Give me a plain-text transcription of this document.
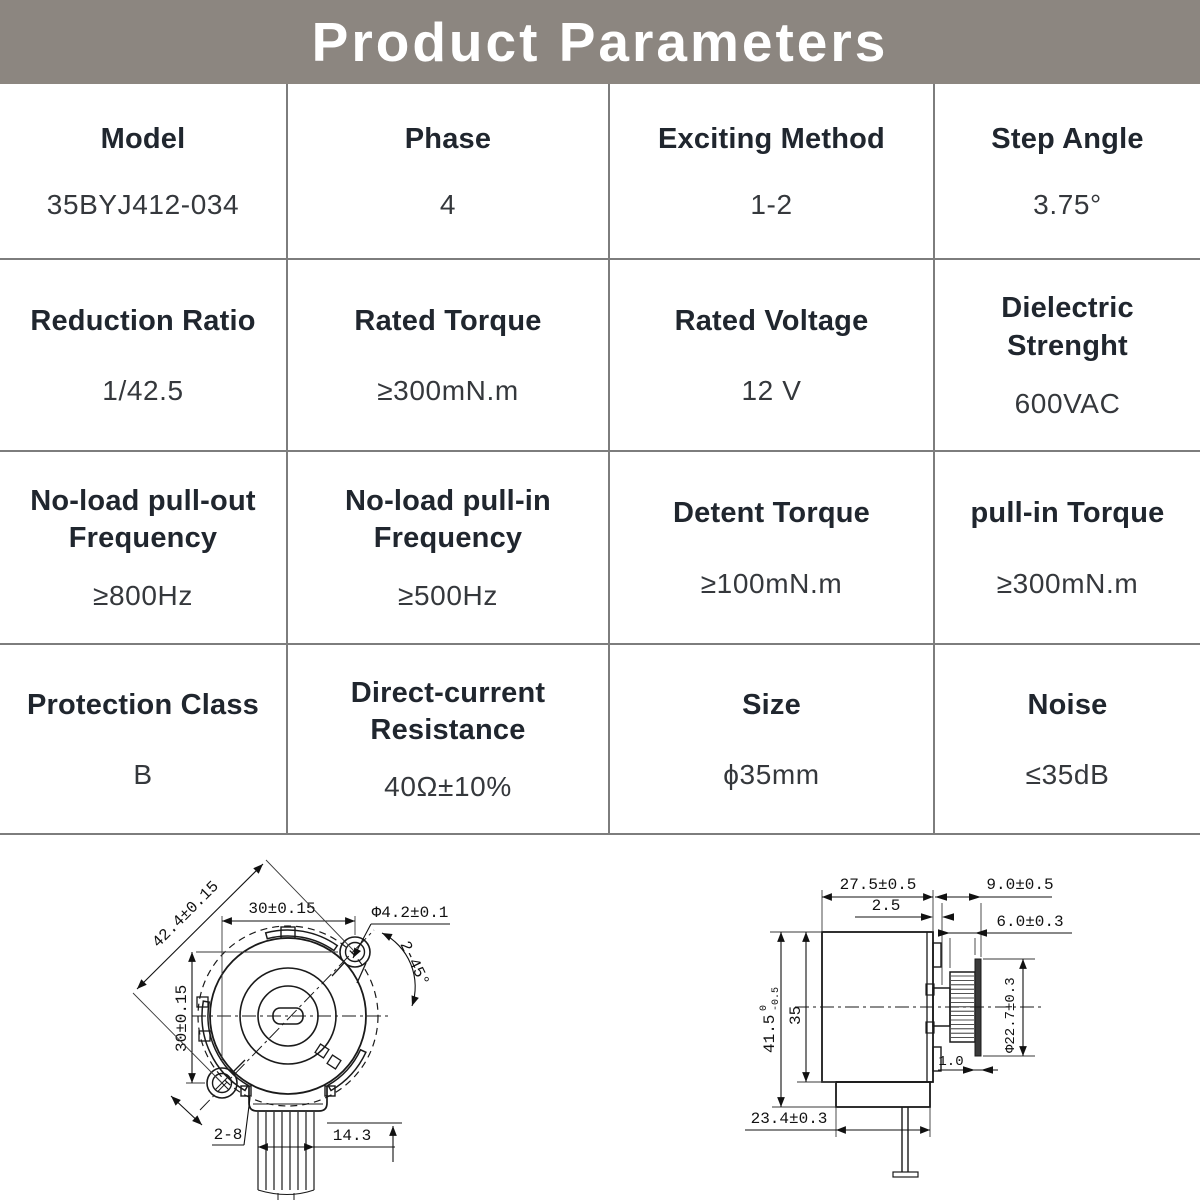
Product Parameters
Model
35BYJ412-034
Phase
4
Exciting Method
1-2
Step Angle
3.75°
Reduction Ratio
1/42.5
Rated Torque
≥300mN.m
Rated Voltage
12 V
Dielectric Strenght
600VAC
No-load pull-out Frequency
≥800Hz
No-load pull-in Frequency
≥500Hz
Detent Torque
≥100mN.m
pull-in Torque
≥300mN.m
Protection Class
B
Direct-current Resistance
40Ω±10%
Size
ϕ35mm
Noise
≤35dB
30±0.15
30±0.15
42.4±0.15	Φ4.2±0.1
2-45°
2-8	14.3
27.5±0.5
2.5
9.0±0.5
6.0±0.3
41.5
0 -0.5
35	Φ22.7±0.3
1.0
23.4±0.3
